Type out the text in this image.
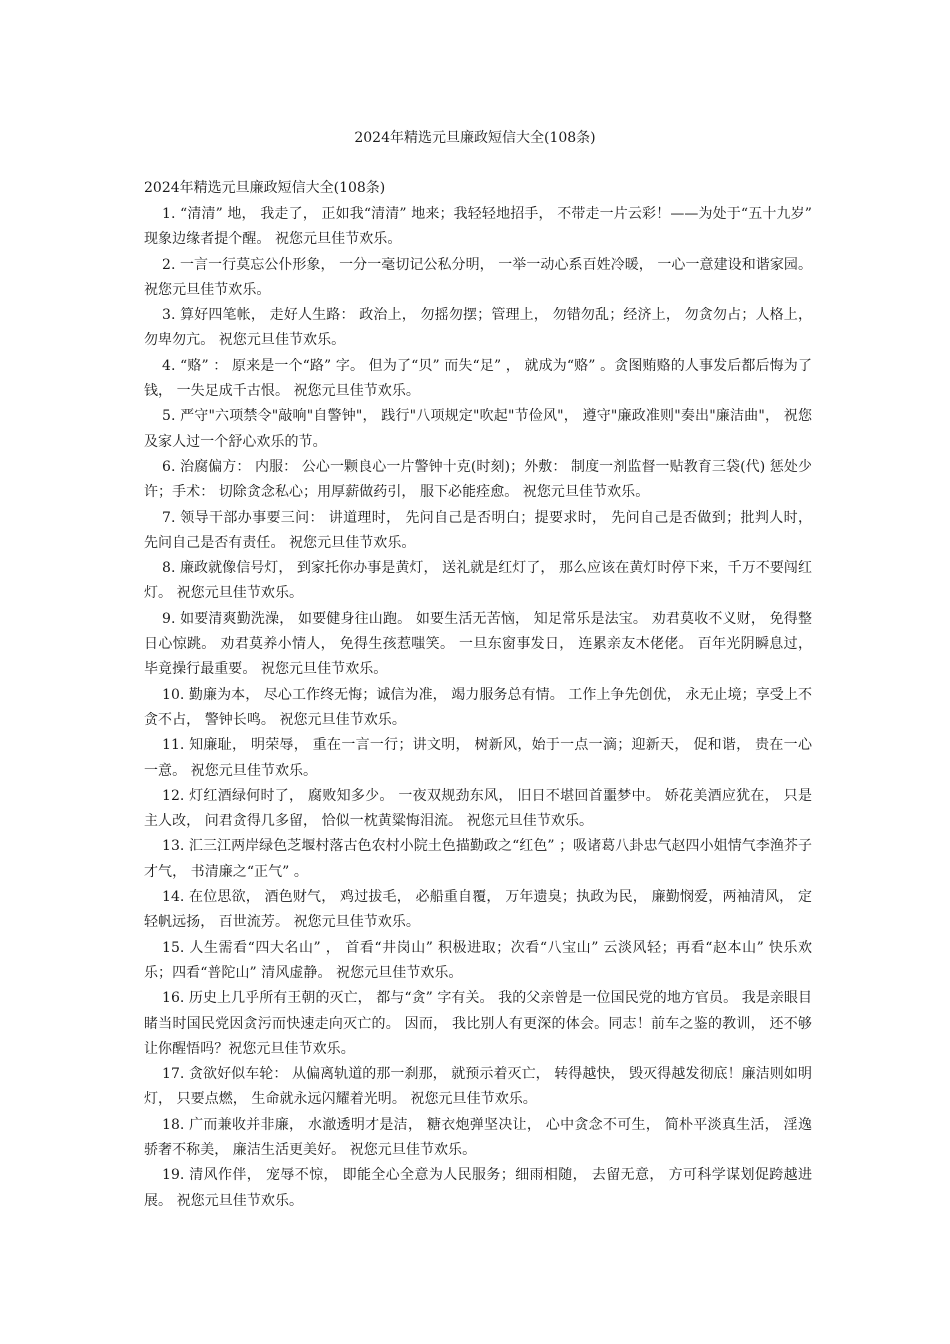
2024年精选元旦廉政短信大全(108条)

2024年精选元旦廉政短信大全(108条)

1. “清清” 地， 我走了， 正如我“清清” 地来；我轻轻地招手， 不带走一片云彩！——为处于“五十九岁” 现象边缘者提个醒。 祝您元旦佳节欢乐。

2. 一言一行莫忘公仆形象， 一分一毫切记公私分明， 一举一动心系百姓冷暖， 一心一意建设和谐家园。 祝您元旦佳节欢乐。

3. 算好四笔帐， 走好人生路： 政治上， 勿摇勿摆；管理上， 勿错勿乱；经济上， 勿贪勿占；人格上， 勿卑勿亢。 祝您元旦佳节欢乐。

4. “赂” ： 原来是一个“路” 字。 但为了“贝” 而失“足” ， 就成为“赂” 。贪图贿赂的人事发后都后悔为了钱， 一失足成千古恨。 祝您元旦佳节欢乐。

5. 严守"六项禁令"敲响"自警钟"， 践行"八项规定"吹起"节俭风"， 遵守"廉政准则"奏出"廉洁曲"， 祝您及家人过一个舒心欢乐的节。

6. 治腐偏方： 内服： 公心一颗良心一片警钟十克(时刻)；外敷： 制度一剂监督一贴教育三袋(代) 惩处少许；手术： 切除贪念私心；用厚薪做药引， 服下必能痊愈。 祝您元旦佳节欢乐。

7. 领导干部办事要三问： 讲道理时， 先问自己是否明白；提要求时， 先问自己是否做到；批判人时， 先问自己是否有责任。 祝您元旦佳节欢乐。

8. 廉政就像信号灯， 到家托你办事是黄灯， 送礼就是红灯了， 那么应该在黄灯时停下来，千万不要闯红灯。 祝您元旦佳节欢乐。

9. 如要清爽勤洗澡， 如要健身往山跑。 如要生活无苦恼， 知足常乐是法宝。 劝君莫收不义财， 免得整日心惊跳。 劝君莫养小情人， 免得生孩惹嗤笑。 一旦东窗事发日， 连累亲友木佬佬。 百年光阴瞬息过， 毕竟操行最重要。 祝您元旦佳节欢乐。

10. 勤廉为本， 尽心工作终无悔；诚信为准， 竭力服务总有情。 工作上争先创优， 永无止境；享受上不贪不占， 警钟长鸣。 祝您元旦佳节欢乐。

11. 知廉耻， 明荣辱， 重在一言一行；讲文明， 树新风，始于一点一滴；迎新天， 促和谐， 贵在一心一意。 祝您元旦佳节欢乐。

12. 灯红酒绿何时了， 腐败知多少。 一夜双规劲东风， 旧日不堪回首噩梦中。 娇花美酒应犹在， 只是主人改， 问君贪得几多留， 恰似一枕黄粱悔泪流。 祝您元旦佳节欢乐。

13. 汇三江两岸绿色芝堰村落古色农村小院土色描勤政之“红色” ；吸诸葛八卦忠气赵四小姐情气李渔芥子才气， 书清廉之“正气” 。

14. 在位思欲， 酒色财气， 鸡过拔毛， 必船重自覆， 万年遗臭；执政为民， 廉勤悯爱，两袖清风， 定轻帆远扬， 百世流芳。 祝您元旦佳节欢乐。

15. 人生需看“四大名山” ， 首看“井岗山” 积极进取；次看“八宝山” 云淡风轻；再看“赵本山” 快乐欢乐；四看“普陀山” 清风虚静。 祝您元旦佳节欢乐。

16. 历史上几乎所有王朝的灭亡， 都与“贪” 字有关。 我的父亲曾是一位国民党的地方官员。 我是亲眼目睹当时国民党因贪污而快速走向灭亡的。 因而， 我比别人有更深的体会。同志！前车之鉴的教训， 还不够让你醒悟吗？祝您元旦佳节欢乐。

17. 贪欲好似车轮： 从偏离轨道的那一刹那， 就预示着灭亡， 转得越快， 毁灭得越发彻底！廉洁则如明灯， 只要点燃， 生命就永远闪耀着光明。 祝您元旦佳节欢乐。

18. 广而兼收并非廉， 水澈透明才是洁， 糖衣炮弹坚决让， 心中贪念不可生， 简朴平淡真生活， 淫逸骄奢不称美， 廉洁生活更美好。 祝您元旦佳节欢乐。

19. 清风作伴， 宠辱不惊， 即能全心全意为人民服务；细雨相随， 去留无意， 方可科学谋划促跨越进展。 祝您元旦佳节欢乐。
